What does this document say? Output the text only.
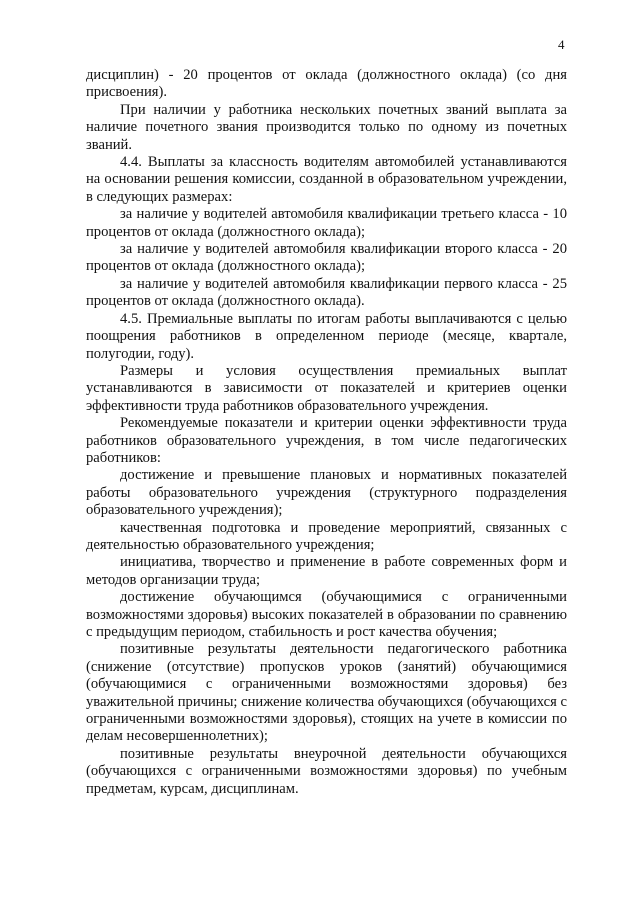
4

дисциплин) - 20 процентов от оклада (должностного оклада) (со дня присвоения).

При наличии у работника нескольких почетных званий выплата за наличие почетного звания производится только по одному из почетных званий.

4.4. Выплаты за классность водителям автомобилей устанавливаются на основании решения комиссии, созданной в образовательном учреждении, в следующих размерах:

за наличие у водителей автомобиля квалификации третьего класса - 10 процентов от оклада (должностного оклада);

за наличие у водителей автомобиля квалификации второго класса - 20 процентов от оклада (должностного оклада);

за наличие у водителей автомобиля квалификации первого класса - 25 процентов от оклада (должностного оклада).

4.5. Премиальные выплаты по итогам работы выплачиваются с целью поощрения работников в определенном периоде (месяце, квартале, полугодии, году).

Размеры и условия осуществления премиальных выплат устанавливаются в зависимости от показателей и критериев оценки эффективности труда работников образовательного учреждения.

Рекомендуемые показатели и критерии оценки эффективности труда работников образовательного учреждения, в том числе педагогических работников:

достижение и превышение плановых и нормативных показателей работы образовательного учреждения (структурного подразделения образовательного учреждения);

качественная подготовка и проведение мероприятий, связанных с деятельностью образовательного учреждения;

инициатива, творчество и применение в работе современных форм и методов организации труда;

достижение обучающимся (обучающимися с ограниченными возможностями здоровья) высоких показателей в образовании по сравнению с предыдущим периодом, стабильность и рост качества обучения;

позитивные результаты деятельности педагогического работника (снижение (отсутствие) пропусков уроков (занятий) обучающимися (обучающимися с ограниченными возможностями здоровья) без уважительной причины; снижение количества обучающихся (обучающихся с ограниченными возможностями здоровья), стоящих на учете в комиссии по делам несовершеннолетних);

позитивные результаты внеурочной деятельности обучающихся (обучающихся с ограниченными возможностями здоровья) по учебным предметам, курсам, дисциплинам.
